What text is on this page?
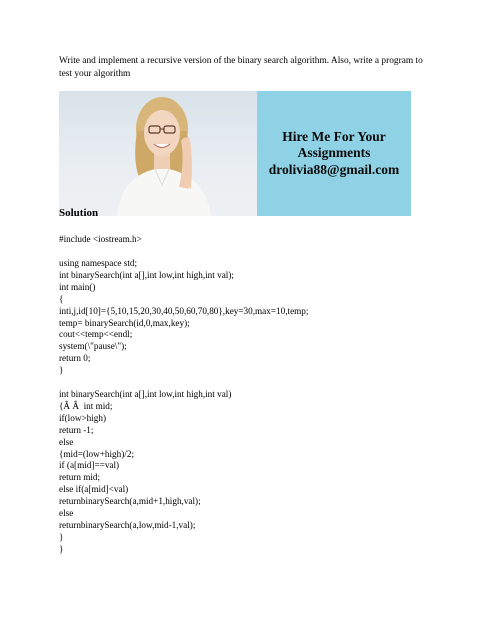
Write and implement a recursive version of the binary search algorithm. Also, write a program to
test your algorithm
Hire Me For Your
Assignments
drolivia88@gmail.com
Solution
#include <iostream.h>
using namespace std;
int binarySearch(int a[],int low,int high,int val);
int main()
{
inti,j,id[10]={5,10,15,20,30,40,50,60,70,80},key=30,max=10,temp;
temp= binarySearch(id,0,max,key);
cout<<temp<<endl;
system(\"pause\");
return 0;
}
int binarySearch(int a[],int low,int high,int val)
{Â Â  int mid;
if(low>high)
return -1;
else
{mid=(low+high)/2;
if (a[mid]==val)
return mid;
else if(a[mid]<val)
returnbinarySearch(a,mid+1,high,val);
else
returnbinarySearch(a,low,mid-1,val);
}
}
